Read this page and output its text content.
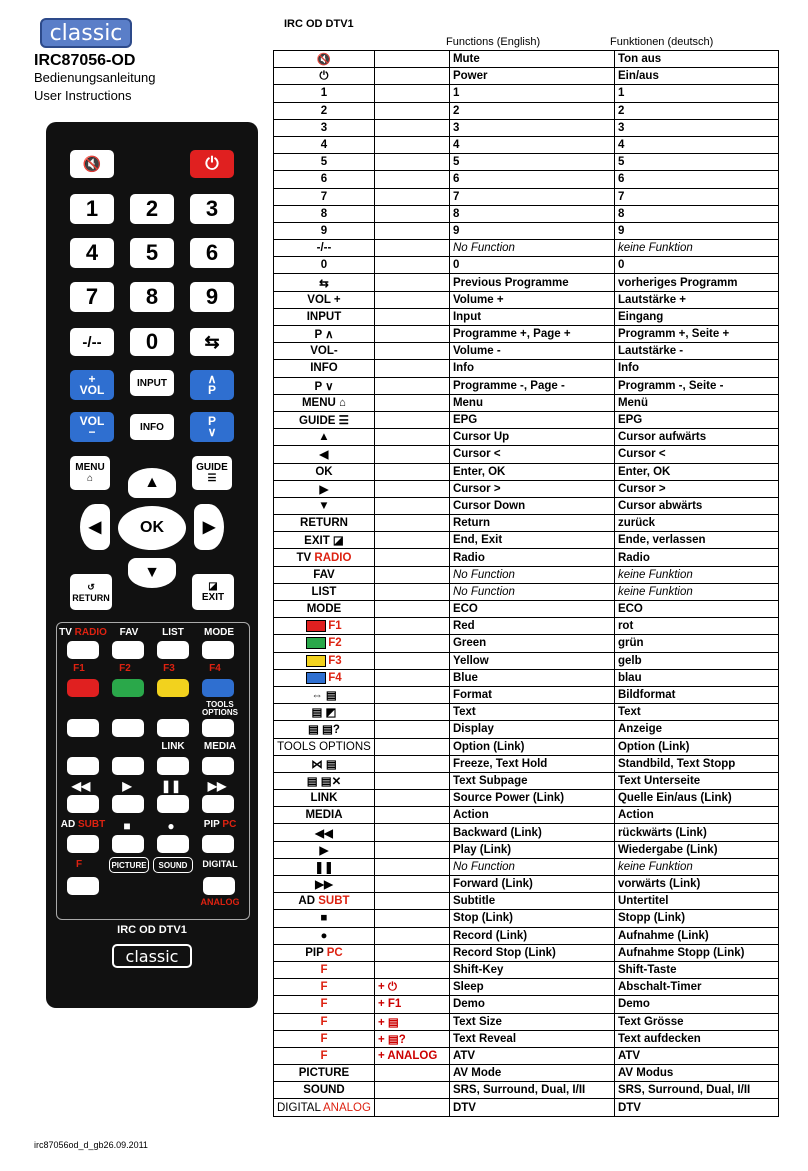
classic
IRC87056-OD
Bedienungsanleitung
User Instructions
🔇	⏻
1	2	3
4	5	6
7	8	9
-/--	0	⇆
+
VOL	INPUT	∧
P
VOL
−	INFO	P
∨
MENU
⌂
GUIDE
☰
▲
◀	OK	▶
▼
↺
RETURN
◪
EXIT
TV RADIO	FAV	LIST	MODE
F1	F2	F3	F4
TOOLS
OPTIONS
LINK	MEDIA
◀◀	▶	❚❚	▶▶
AD SUBT	■	●	PIP PC
F	PICTURE	SOUND	DIGITAL
ANALOG
IRC OD DTV1
classic
IRC OD DTV1
Functions (English)	Funktionen (deutsch)
🔇		Mute	Ton aus
⏻		Power	Ein/aus
1		1	1
2		2	2
3		3	3
4		4	4
5		5	5
6		6	6
7		7	7
8		8	8
9		9	9
-/--		No Function	keine Funktion
0		0	0
⇆		Previous Programme	vorheriges Programm
VOL +		Volume +	Lautstärke +
INPUT		Input	Eingang
P ∧		Programme +, Page +	Programm +, Seite +
VOL-		Volume -	Lautstärke -
INFO		Info	Info
P ∨		Programme -, Page -	Programm -, Seite -
MENU ⌂		Menu	Menü
GUIDE ☰		EPG	EPG
▲		Cursor Up	Cursor aufwärts
◀		Cursor <	Cursor <
OK		Enter, OK	Enter, OK
▶		Cursor >	Cursor >
▼		Cursor Down	Cursor abwärts
RETURN		Return	zurück
EXIT ◪		End, Exit	Ende, verlassen
TV RADIO		Radio	Radio
FAV		No Function	keine Funktion
LIST		No Function	keine Funktion
MODE		ECO	ECO
F1		Red	rot
F2		Green	grün
F3		Yellow	gelb
F4		Blue	blau
⇔ ▤		Format	Bildformat
▤ ◩		Text	Text
▤ ▤?		Display	Anzeige
TOOLS OPTIONS		Option (Link)	Option (Link)
⋈ ▤		Freeze, Text Hold	Standbild, Text Stopp
▤ ▤✕		Text Subpage	Text Unterseite
LINK		Source Power (Link)	Quelle Ein/aus (Link)
MEDIA		Action	Action
◀◀		Backward (Link)	rückwärts (Link)
▶		Play (Link)	Wiedergabe (Link)
❚❚		No Function	keine Funktion
▶▶		Forward (Link)	vorwärts (Link)
AD SUBT		Subtitle	Untertitel
■		Stop (Link)	Stopp (Link)
●		Record (Link)	Aufnahme (Link)
PIP PC		Record Stop (Link)	Aufnahme Stopp (Link)
F		Shift-Key	Shift-Taste
F	+ ⏻	Sleep	Abschalt-Timer
F	+ F1	Demo	Demo
F	+ ▤	Text Size	Text Grösse
F	+ ▤?	Text Reveal	Text aufdecken
F	+ ANALOG	ATV	ATV
PICTURE		AV Mode	AV Modus
SOUND		SRS, Surround, Dual, I/II	SRS, Surround, Dual, I/II
DIGITAL ANALOG		DTV	DTV
irc87056od_d_gb26.09.2011
